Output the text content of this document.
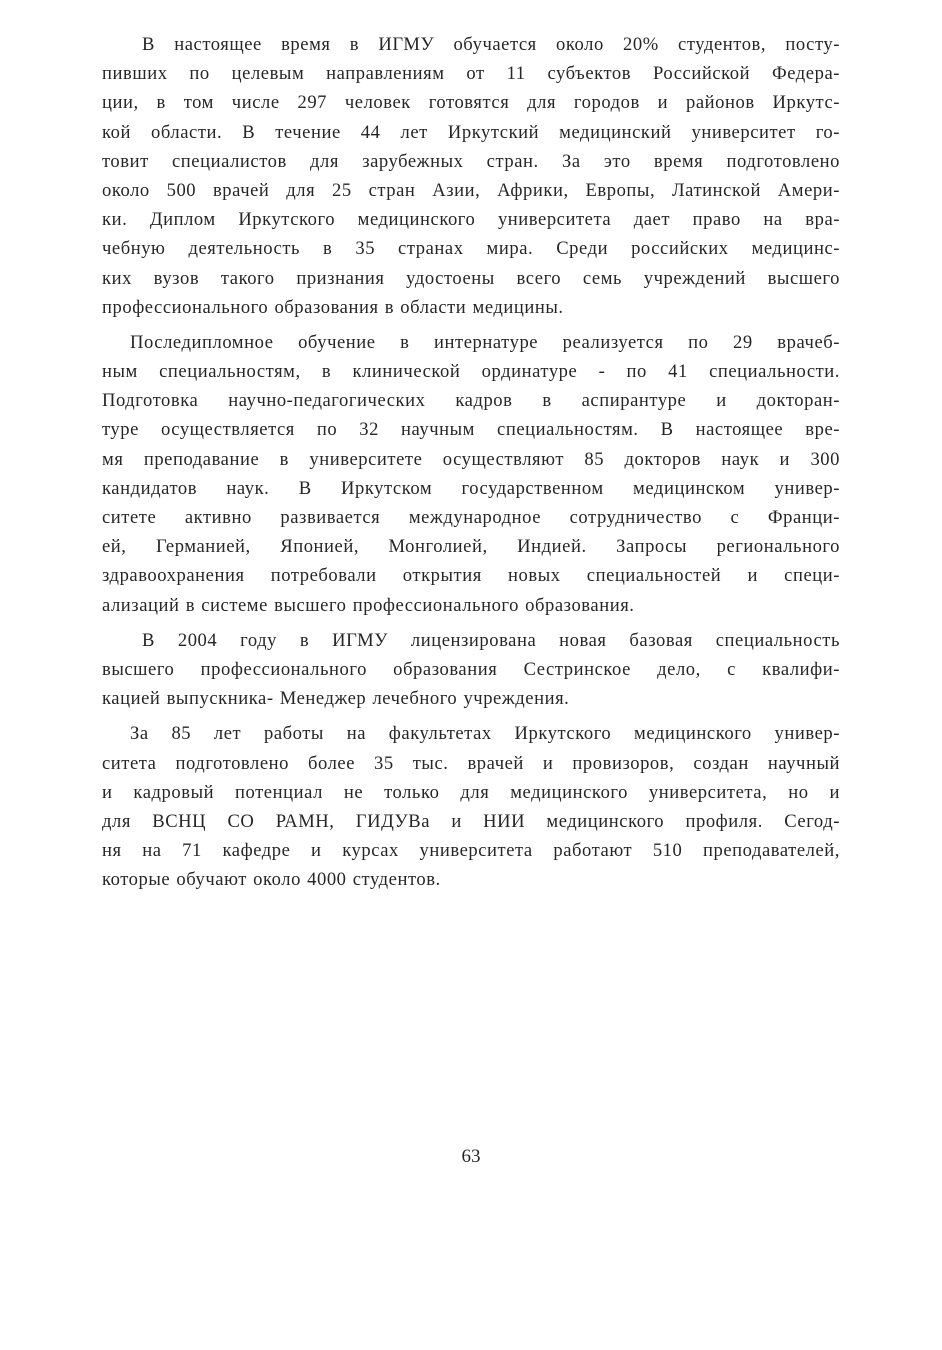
В настоящее время в ИГМУ обучается около 20% студентов, посту-
пивших по целевым направлениям от 11 субъектов Российской Федера-
ции, в том числе 297 человек готовятся для городов и районов Иркутс-
кой области. В течение 44 лет Иркутский медицинский университет го-
товит специалистов для зарубежных стран. За это время подготовлено
около 500 врачей для 25 стран Азии, Африки, Европы, Латинской Амери-
ки. Диплом Иркутского медицинского университета дает право на вра-
чебную деятельность в 35 странах мира. Среди российских медицинс-
ких вузов такого признания удостоены всего семь учреждений высшего
профессионального образования в области медицины.
Последипломное обучение в интернатуре реализуется по 29 врачеб-
ным специальностям, в клинической ординатуре - по 41 специальности.
Подготовка научно-педагогических кадров в аспирантуре и докторан-
туре осуществляется по 32 научным специальностям. В настоящее вре-
мя преподавание в университете осуществляют 85 докторов наук и 300
кандидатов наук. В Иркутском государственном медицинском универ-
ситете активно развивается международное сотрудничество с Франци-
ей, Германией, Японией, Монголией, Индией. Запросы регионального
здравоохранения потребовали открытия новых специальностей и специ-
ализаций в системе высшего профессионального образования.
В 2004 году в ИГМУ лицензирована новая базовая специальность
высшего профессионального образования Сестринское дело, с квалифи-
кацией выпускника- Менеджер лечебного учреждения.
За 85 лет работы на факультетах Иркутского медицинского универ-
ситета подготовлено более 35 тыс. врачей и провизоров, создан научный
и кадровый потенциал не только для медицинского университета, но и
для ВСНЦ СО РАМН, ГИДУВа и НИИ медицинского профиля. Сегод-
ня на 71 кафедре и курсах университета работают 510 преподавателей,
которые обучают около 4000 студентов.
63
